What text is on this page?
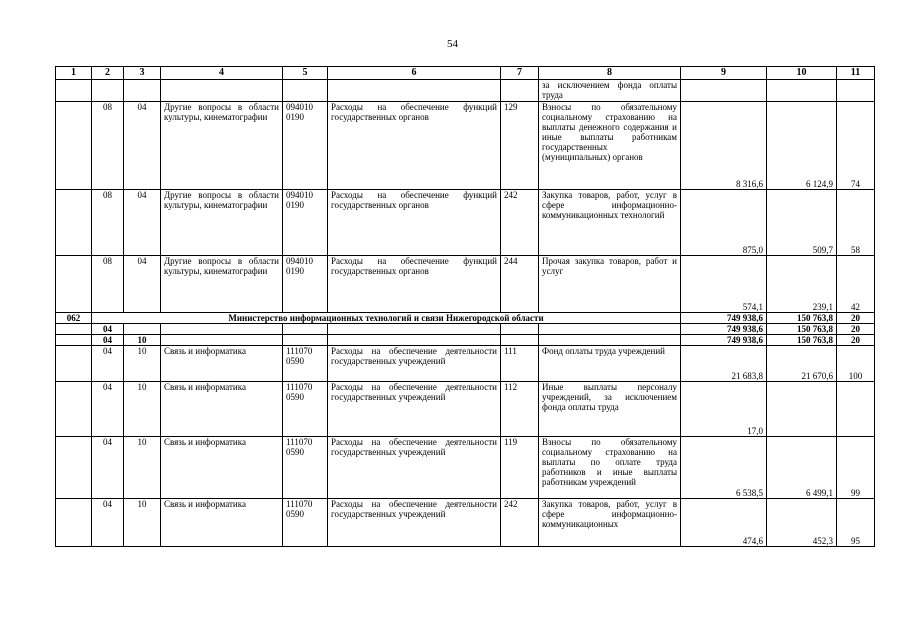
54
1	2	3	4	5	6	7	8	9	10	11
							за исключением фонда оплаты труда			
	08	04	Другие вопросы в области культуры, кинематографии	094010 0190	Расходы на обеспечение функций государственных органов	129	Взносы по обязательному социальному страхованию на выплаты денежного содержания и иные выплаты работникам государственных (муниципальных) органов	8 316,6	6 124,9	74
	08	04	Другие вопросы в области культуры, кинематографии	094010 0190	Расходы на обеспечение функций государственных органов	242	Закупка товаров, работ, услуг в сфере информационно-коммуникационных технологий	875,0	509,7	58
	08	04	Другие вопросы в области культуры, кинематографии	094010 0190	Расходы на обеспечение функций государственных органов	244	Прочая закупка товаров, работ и услуг	574,1	239,1	42
062	Министерство информационных технологий и связи Нижегородской области							749 938,6	150 763,8	20
	04							749 938,6	150 763,8	20
	04	10						749 938,6	150 763,8	20
	04	10	Связь и информатика	111070 0590	Расходы на обеспечение деятельности государственных учреждений	111	Фонд оплаты труда учреждений	21 683,8	21 670,6	100
	04	10	Связь и информатика	111070 0590	Расходы на обеспечение деятельности государственных учреждений	112	Иные выплаты персоналу учреждений, за исключением фонда оплаты труда	17,0		
	04	10	Связь и информатика	111070 0590	Расходы на обеспечение деятельности государственных учреждений	119	Взносы по обязательному социальному страхованию на выплаты по оплате труда работников и иные выплаты работникам учреждений	6 538,5	6 499,1	99
	04	10	Связь и информатика	111070 0590	Расходы на обеспечение деятельности государственных учреждений	242	Закупка товаров, работ, услуг в сфере информационно-коммуникационных	474,6	452,3	95
